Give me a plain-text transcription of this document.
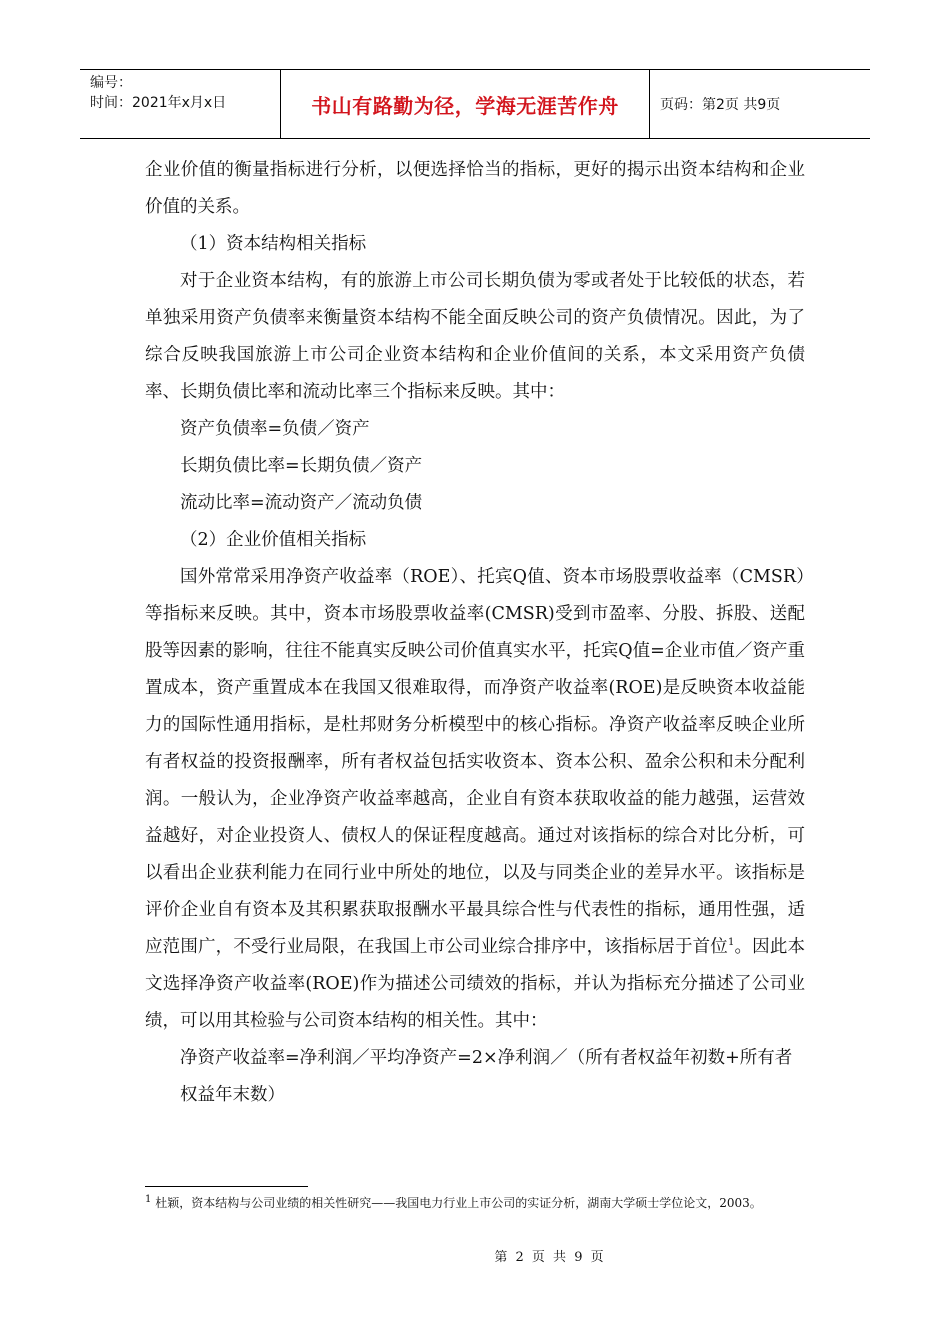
编号：
时间：2021年x月x日	书山有路勤为径，学海无涯苦作舟	页码：第2页 共9页

企业价值的衡量指标进行分析，以便选择恰当的指标，更好的揭示出资本结构和企业价值的关系。

（1）资本结构相关指标

对于企业资本结构，有的旅游上市公司长期负债为零或者处于比较低的状态，若单独采用资产负债率来衡量资本结构不能全面反映公司的资产负债情况。因此，为了综合反映我国旅游上市公司企业资本结构和企业价值间的关系，本文采用资产负债率、长期负债比率和流动比率三个指标来反映。其中：

资产负债率=负债／资产

长期负债比率=长期负债／资产

流动比率=流动资产／流动负债

（2）企业价值相关指标

国外常常采用净资产收益率（ROE）、托宾Q值、资本市场股票收益率（CMSR）等指标来反映。其中，资本市场股票收益率(CMSR)受到市盈率、分股、拆股、送配股等因素的影响，往往不能真实反映公司价值真实水平，托宾Q值=企业市值／资产重置成本，资产重置成本在我国又很难取得，而净资产收益率(ROE)是反映资本收益能力的国际性通用指标，是杜邦财务分析模型中的核心指标。净资产收益率反映企业所有者权益的投资报酬率，所有者权益包括实收资本、资本公积、盈余公积和未分配利润。一般认为，企业净资产收益率越高，企业自有资本获取收益的能力越强，运营效益越好，对企业投资人、债权人的保证程度越高。通过对该指标的综合对比分析，可以看出企业获利能力在同行业中所处的地位，以及与同类企业的差异水平。该指标是评价企业自有资本及其积累获取报酬水平最具综合性与代表性的指标，通用性强，适应范围广，不受行业局限，在我国上市公司业综合排序中，该指标居于首位$^1$。因此本文选择净资产收益率(ROE)作为描述公司绩效的指标，并认为指标充分描述了公司业绩，可以用其检验与公司资本结构的相关性。其中：

净资产收益率=净利润／平均净资产=2×净利润／（所有者权益年初数+所有者权益年末数）

$^1$ 杜颖，资本结构与公司业绩的相关性研究——我国电力行业上市公司的实证分析，湖南大学硕士学位论文，2003。
第 2 页 共 9 页
